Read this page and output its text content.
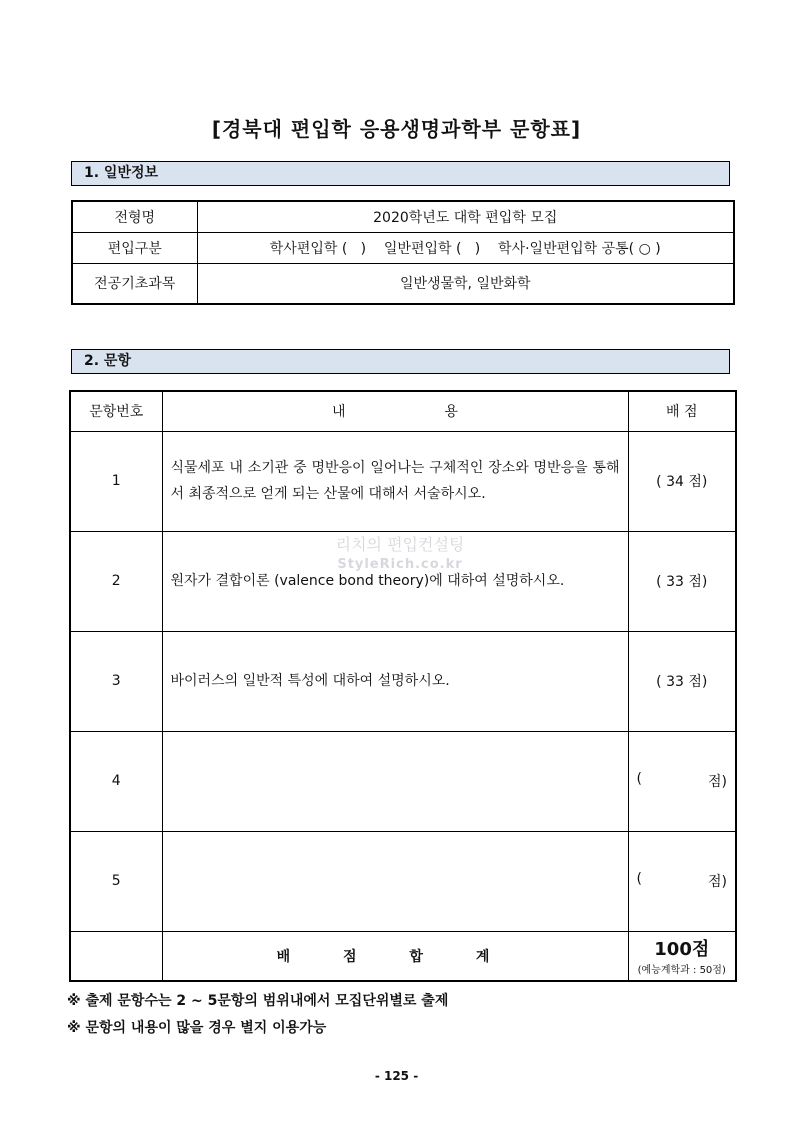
[경북대 편입학 응용생명과학부 문항표]
1. 일반정보
전형명	2020학년도 대학 편입학 모집
편입구분	학사편입학 (   )    일반편입학 (   )    학사·일반편입학 공통( ○ )
전공기초과목	일반생물학, 일반화학
2. 문항
문항번호	내 용	배 점
1	식물세포 내 소기관 중 명반응이 일어나는 구체적인 장소와 명반응을 통해서 최종적으로 얻게 되는 산물에 대해서 서술하시오.	( 34 점)
2	원자가 결합이론 (valence bond theory)에 대하여 설명하시오.	( 33 점)
3	바이러스의 일반적 특성에 대하여 설명하시오.	( 33 점)
4		( 점)

5		( 점)

	배 점 합 계	100점
(예능계학과 : 50점)
리치의 편입컨설팅
StyleRich.co.kr
※ 출제 문항수는 2 ~ 5문항의 범위내에서 모집단위별로 출제
※ 문항의 내용이 많을 경우 별지 이용가능
- 125 -
